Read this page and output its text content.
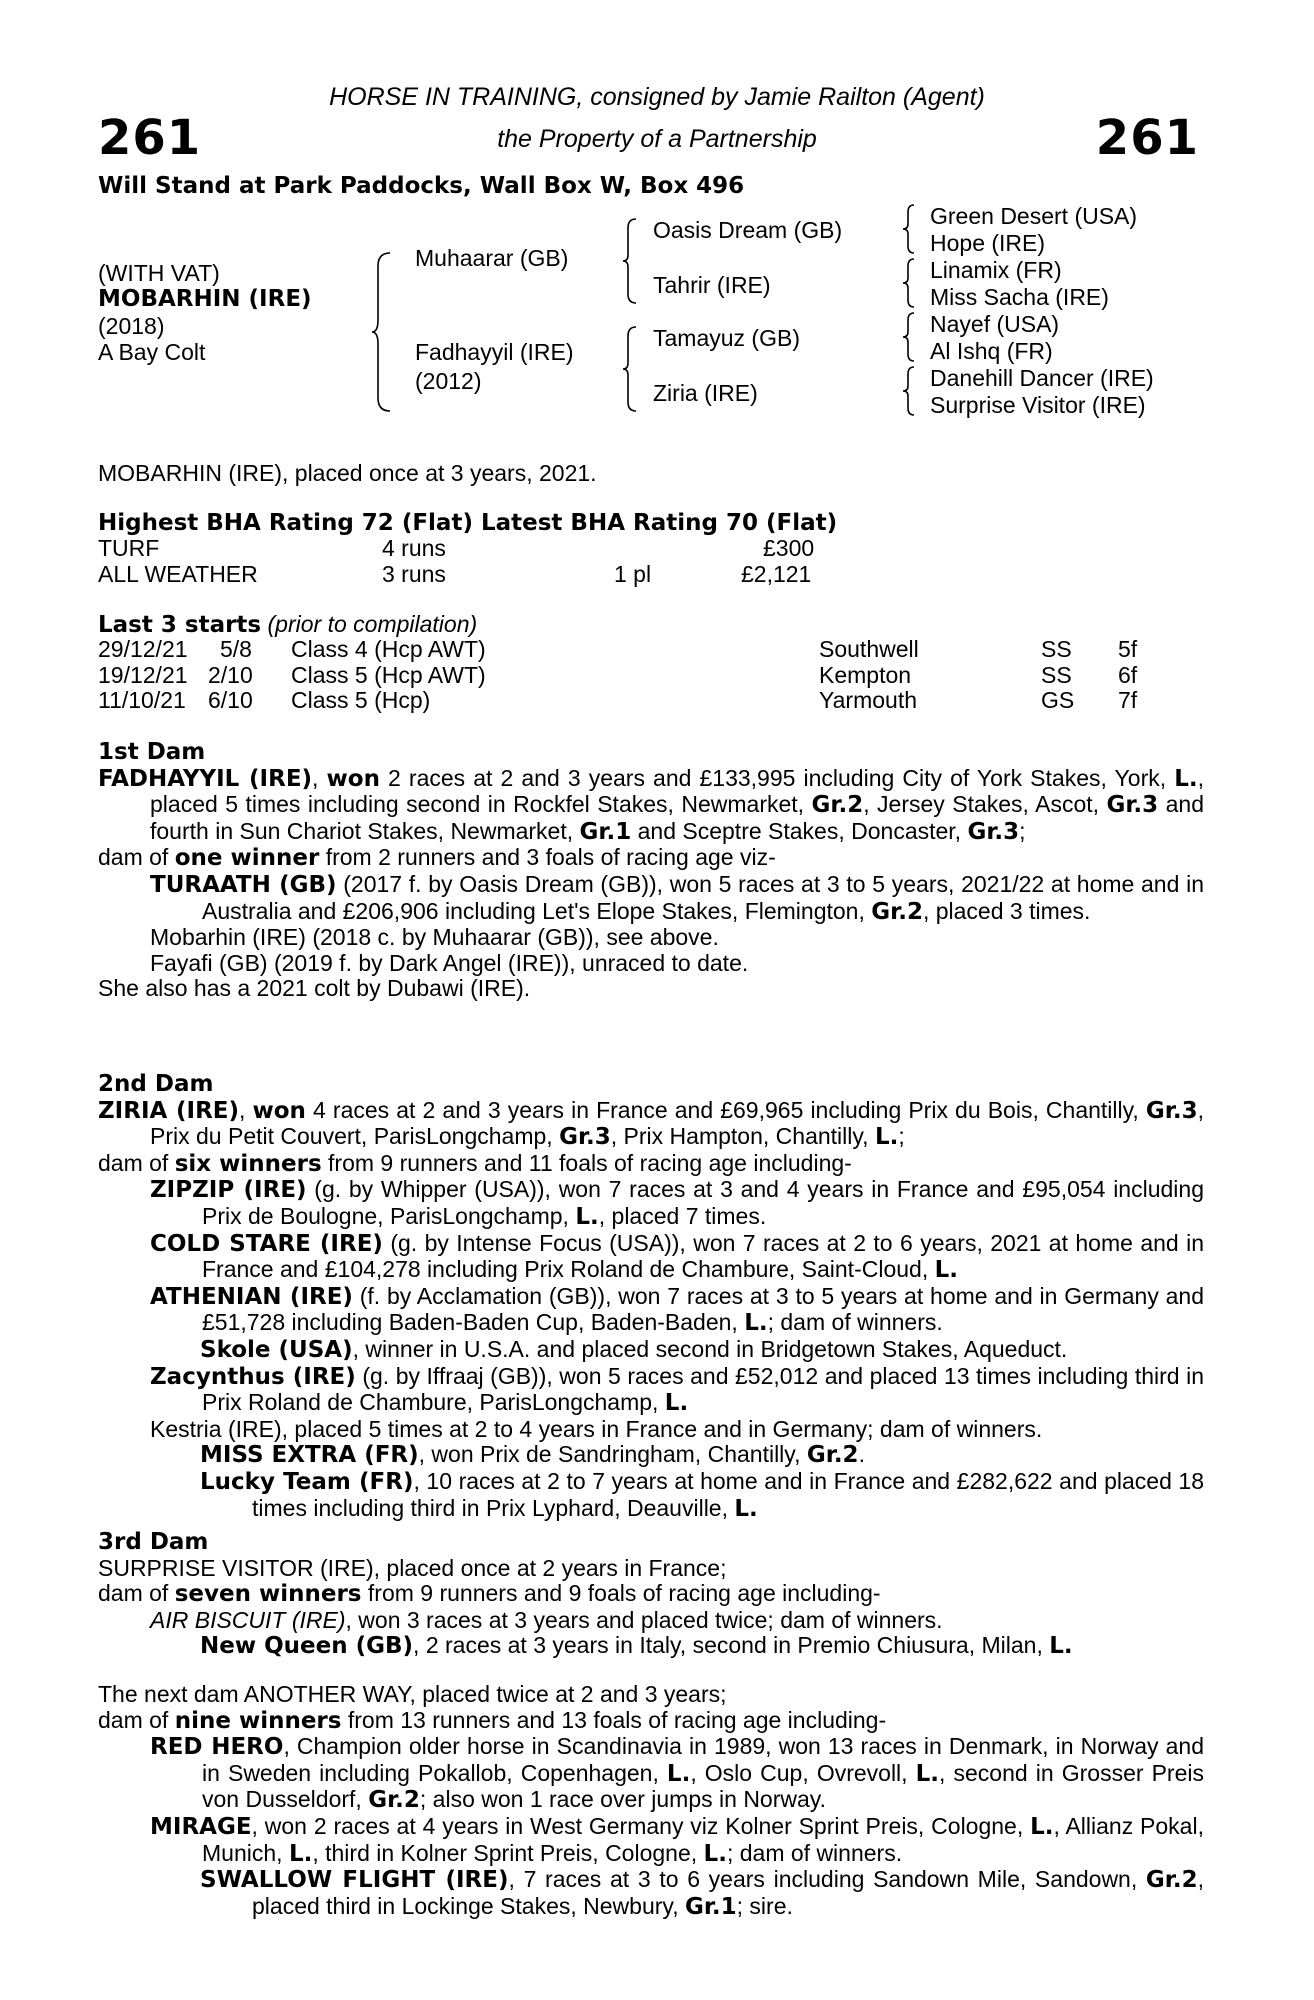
261	261
HORSE IN TRAINING, consigned by Jamie Railton (Agent)
the Property of a Partnership
Will Stand at Park Paddocks, Wall Box W, Box 496
(WITH VAT)
MOBARHIN (IRE)
(2018)
A Bay Colt
Muhaarar (GB)
Fadhayyil (IRE)
(2012)
Oasis Dream (GB)
Tahrir (IRE)
Tamayuz (GB)
Ziria (IRE)
Green Desert (USA)
Hope (IRE)
Linamix (FR)
Miss Sacha (IRE)
Nayef (USA)
Al Ishq (FR)
Danehill Dancer (IRE)
Surprise Visitor (IRE)
MOBARHIN (IRE), placed once at 3 years, 2021.
Highest BHA Rating 72 (Flat) Latest BHA Rating 70 (Flat)
TURF	4 runs	£300
ALL WEATHER	3 runs	1 pl	£2,121
Last 3 starts (prior to compilation)
29/12/21 5/8 Class 4 (Hcp AWT)	Southwell	SS 5f
19/12/21 2/10 Class 5 (Hcp AWT)	Kempton	SS 6f
11/10/21 6/10 Class 5 (Hcp)	Yarmouth	GS 7f
1st Dam

FADHAYYIL (IRE), won 2 races at 2 and 3 years and £133,995 including City of York Stakes, York, L., placed 5 times including second in Rockfel Stakes, Newmarket, Gr.2, Jersey Stakes, Ascot, Gr.3 and fourth in Sun Chariot Stakes, Newmarket, Gr.1 and Sceptre Stakes, Doncaster, Gr.3;

dam of one winner from 2 runners and 3 foals of racing age viz-

TURAATH (GB) (2017 f. by Oasis Dream (GB)), won 5 races at 3 to 5 years, 2021/22 at home and in Australia and £206,906 including Let's Elope Stakes, Flemington, Gr.2, placed 3 times.

Mobarhin (IRE) (2018 c. by Muhaarar (GB)), see above.

Fayafi (GB) (2019 f. by Dark Angel (IRE)), unraced to date.

She also has a 2021 colt by Dubawi (IRE).

2nd Dam

ZIRIA (IRE), won 4 races at 2 and 3 years in France and £69,965 including Prix du Bois, Chantilly, Gr.3, Prix du Petit Couvert, ParisLongchamp, Gr.3, Prix Hampton, Chantilly, L.;

dam of six winners from 9 runners and 11 foals of racing age including-

ZIPZIP (IRE) (g. by Whipper (USA)), won 7 races at 3 and 4 years in France and £95,054 including Prix de Boulogne, ParisLongchamp, L., placed 7 times.

COLD STARE (IRE) (g. by Intense Focus (USA)), won 7 races at 2 to 6 years, 2021 at home and in France and £104,278 including Prix Roland de Chambure, Saint-Cloud, L.

ATHENIAN (IRE) (f. by Acclamation (GB)), won 7 races at 3 to 5 years at home and in Germany and £51,728 including Baden-Baden Cup, Baden-Baden, L.; dam of winners.

Skole (USA), winner in U.S.A. and placed second in Bridgetown Stakes, Aqueduct.

Zacynthus (IRE) (g. by Iffraaj (GB)), won 5 races and £52,012 and placed 13 times including third in Prix Roland de Chambure, ParisLongchamp, L.

Kestria (IRE), placed 5 times at 2 to 4 years in France and in Germany; dam of winners.

MISS EXTRA (FR), won Prix de Sandringham, Chantilly, Gr.2.

Lucky Team (FR), 10 races at 2 to 7 years at home and in France and £282,622 and placed 18 times including third in Prix Lyphard, Deauville, L.

3rd Dam

SURPRISE VISITOR (IRE), placed once at 2 years in France;

dam of seven winners from 9 runners and 9 foals of racing age including-

AIR BISCUIT (IRE), won 3 races at 3 years and placed twice; dam of winners.

New Queen (GB), 2 races at 3 years in Italy, second in Premio Chiusura, Milan, L.

The next dam ANOTHER WAY, placed twice at 2 and 3 years;

dam of nine winners from 13 runners and 13 foals of racing age including-

RED HERO, Champion older horse in Scandinavia in 1989, won 13 races in Denmark, in Norway and in Sweden including Pokallob, Copenhagen, L., Oslo Cup, Ovrevoll, L., second in Grosser Preis von Dusseldorf, Gr.2; also won 1 race over jumps in Norway.

MIRAGE, won 2 races at 4 years in West Germany viz Kolner Sprint Preis, Cologne, L., Allianz Pokal, Munich, L., third in Kolner Sprint Preis, Cologne, L.; dam of winners.

SWALLOW FLIGHT (IRE), 7 races at 3 to 6 years including Sandown Mile, Sandown, Gr.2, placed third in Lockinge Stakes, Newbury, Gr.1; sire.
